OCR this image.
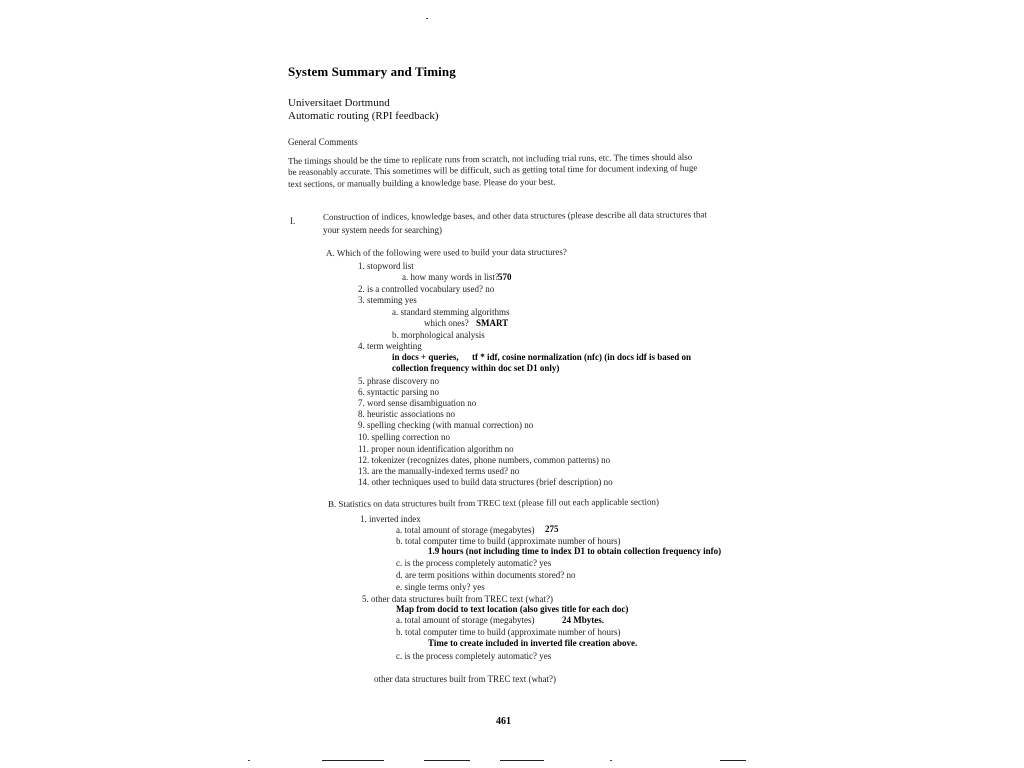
System Summary and Timing
Universitaet Dortmund
Automatic routing (RPI feedback)
General Comments
The timings should be the time to replicate runs from scratch, not including trial runs, etc. The times should also
be reasonably accurate. This sometimes will be difficult, such as getting total time for document indexing of huge
text sections, or manually building a knowledge base. Please do your best.
I.	Construction of indices, knowledge bases, and other data structures (please describe all data structures that
your system needs for searching)
A. Which of the following were used to build your data structures?
1. stopword list
a. how many words in list? 570
2. is a controlled vocabulary used? no
3. stemming yes
a. standard stemming algorithms
which ones? SMART
b. morphological analysis
4. term weighting
tf * idf, cosine normalization (nfc) (in docs idf is based on
in docs + queries,
collection frequency within doc set D1 only)
5. phrase discovery no
6. syntactic parsing no
7. word sense disambiguation no
8. heuristic associations no
9. spelling checking (with manual correction) no
10. spelling correction no
11. proper noun identification algorithm no
12. tokenizer (recognizes dates, phone numbers, common patterns) no
13. are the manually-indexed terms used? no
14. other techniques used to build data structures (brief description) no
B. Statistics on data structures built from TREC text (please fill out each applicable section)
1. inverted index
a. total amount of storage (megabytes) 275
b. total computer time to build (approximate number of hours)
1.9 hours (not including time to index D1 to obtain collection frequency info)
c. is the process completely automatic? yes
d. are term positions within documents stored? no
e. single terms only? yes
5. other data structures built from TREC text (what?)
Map from docid to text location (also gives title for each doc)
a. total amount of storage (megabytes)	24 Mbytes.
b. total computer time to build (approximate number of hours)
Time to create included in inverted file creation above.
c. is the process completely automatic? yes
other data structures built from TREC text (what?)
461
